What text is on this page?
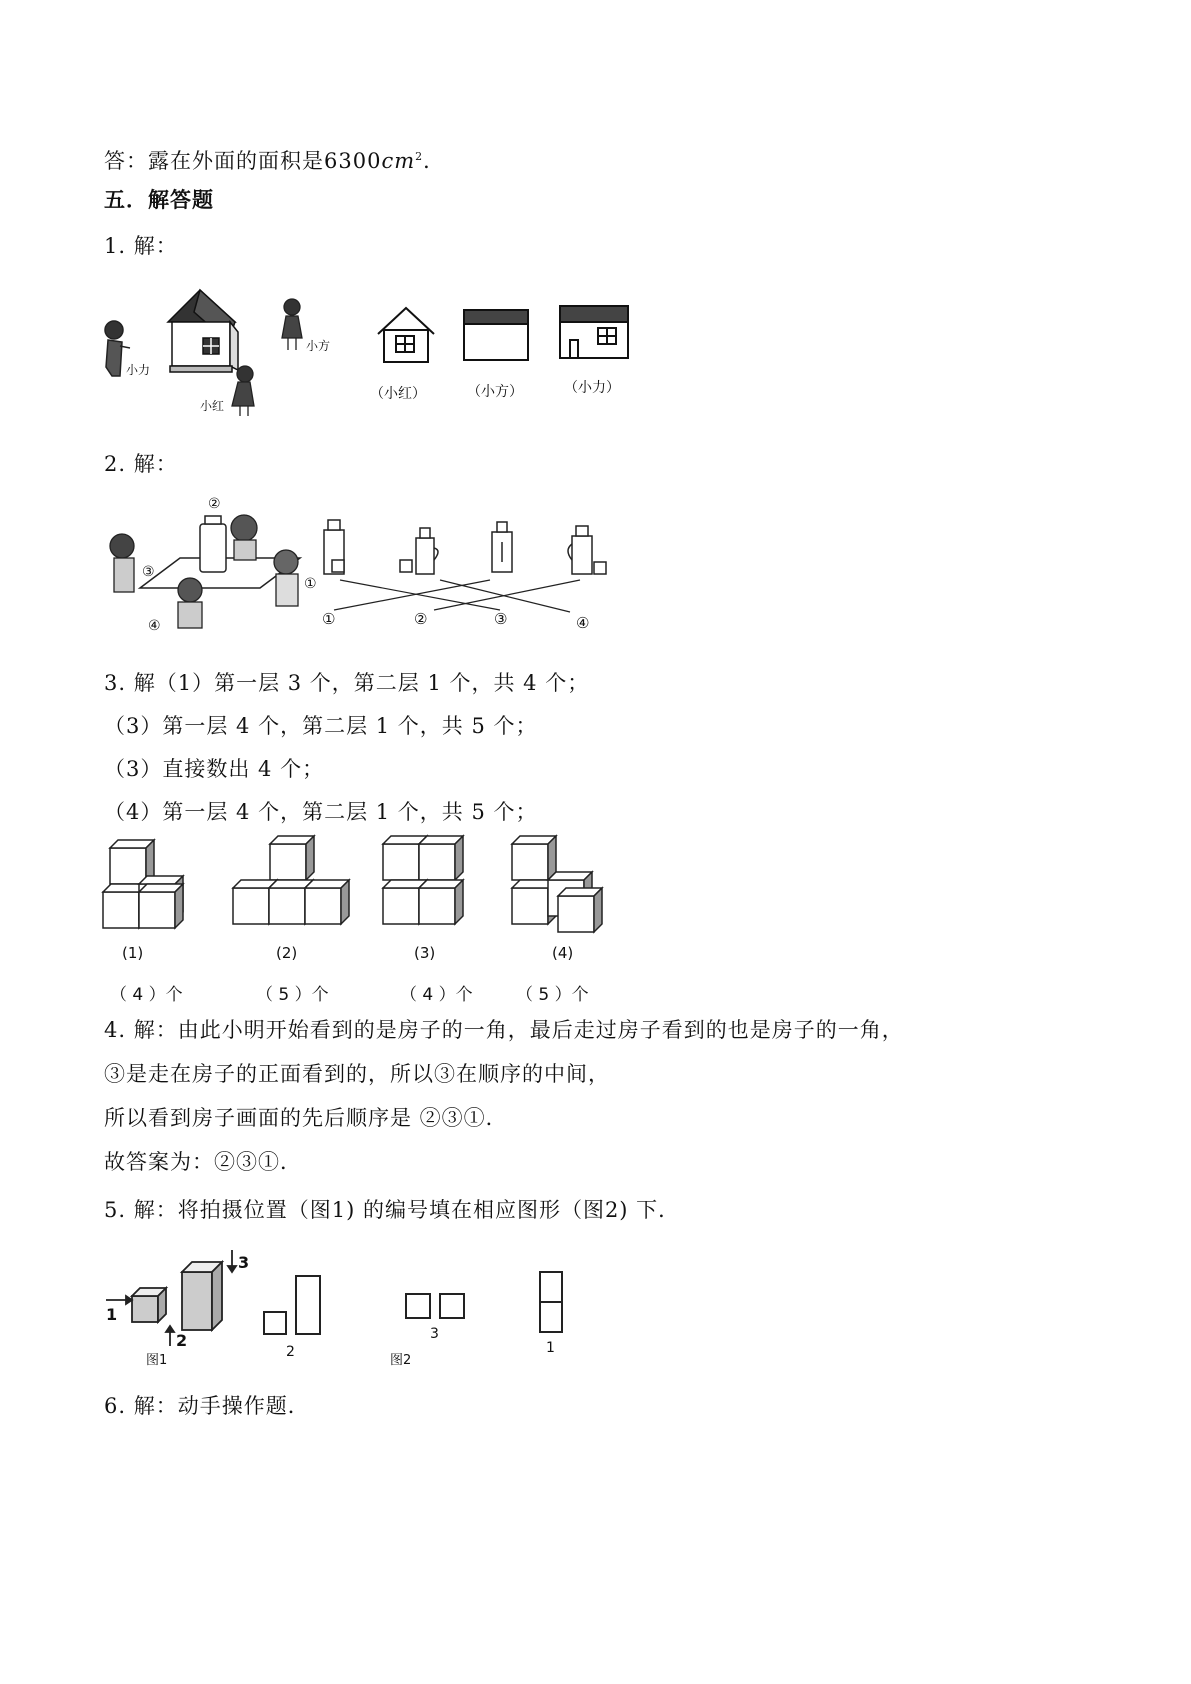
答：露在外面的面积是$6300cm^2$．
五．解答题
1. 解：
小力
小方
小红
（小红）	（小方）	（小力）
2. 解：
②
③
①
④	①	②	③	④
3. 解（1）第一层 3 个，第二层 1 个，共 4 个；
（3）第一层 4 个，第二层 1 个，共 5 个；
（3）直接数出 4 个；
（4）第一层 4 个，第二层 1 个，共 5 个；
(1)	(2)	(3)	(4)
（ 4 ）个	（ 5 ）个	（ 4 ）个	（ 5 ）个
4. 解：由此小明开始看到的是房子的一角，最后走过房子看到的也是房子的一角，
③是走在房子的正面看到的，所以③在顺序的中间，
所以看到房子画面的先后顺序是 ②③①．
故答案为：②③①．
5. 解：将拍摄位置（图1) 的编号填在相应图形（图2) 下．
1
2
3
图1
2
3
1
图2
6. 解：动手操作题．
